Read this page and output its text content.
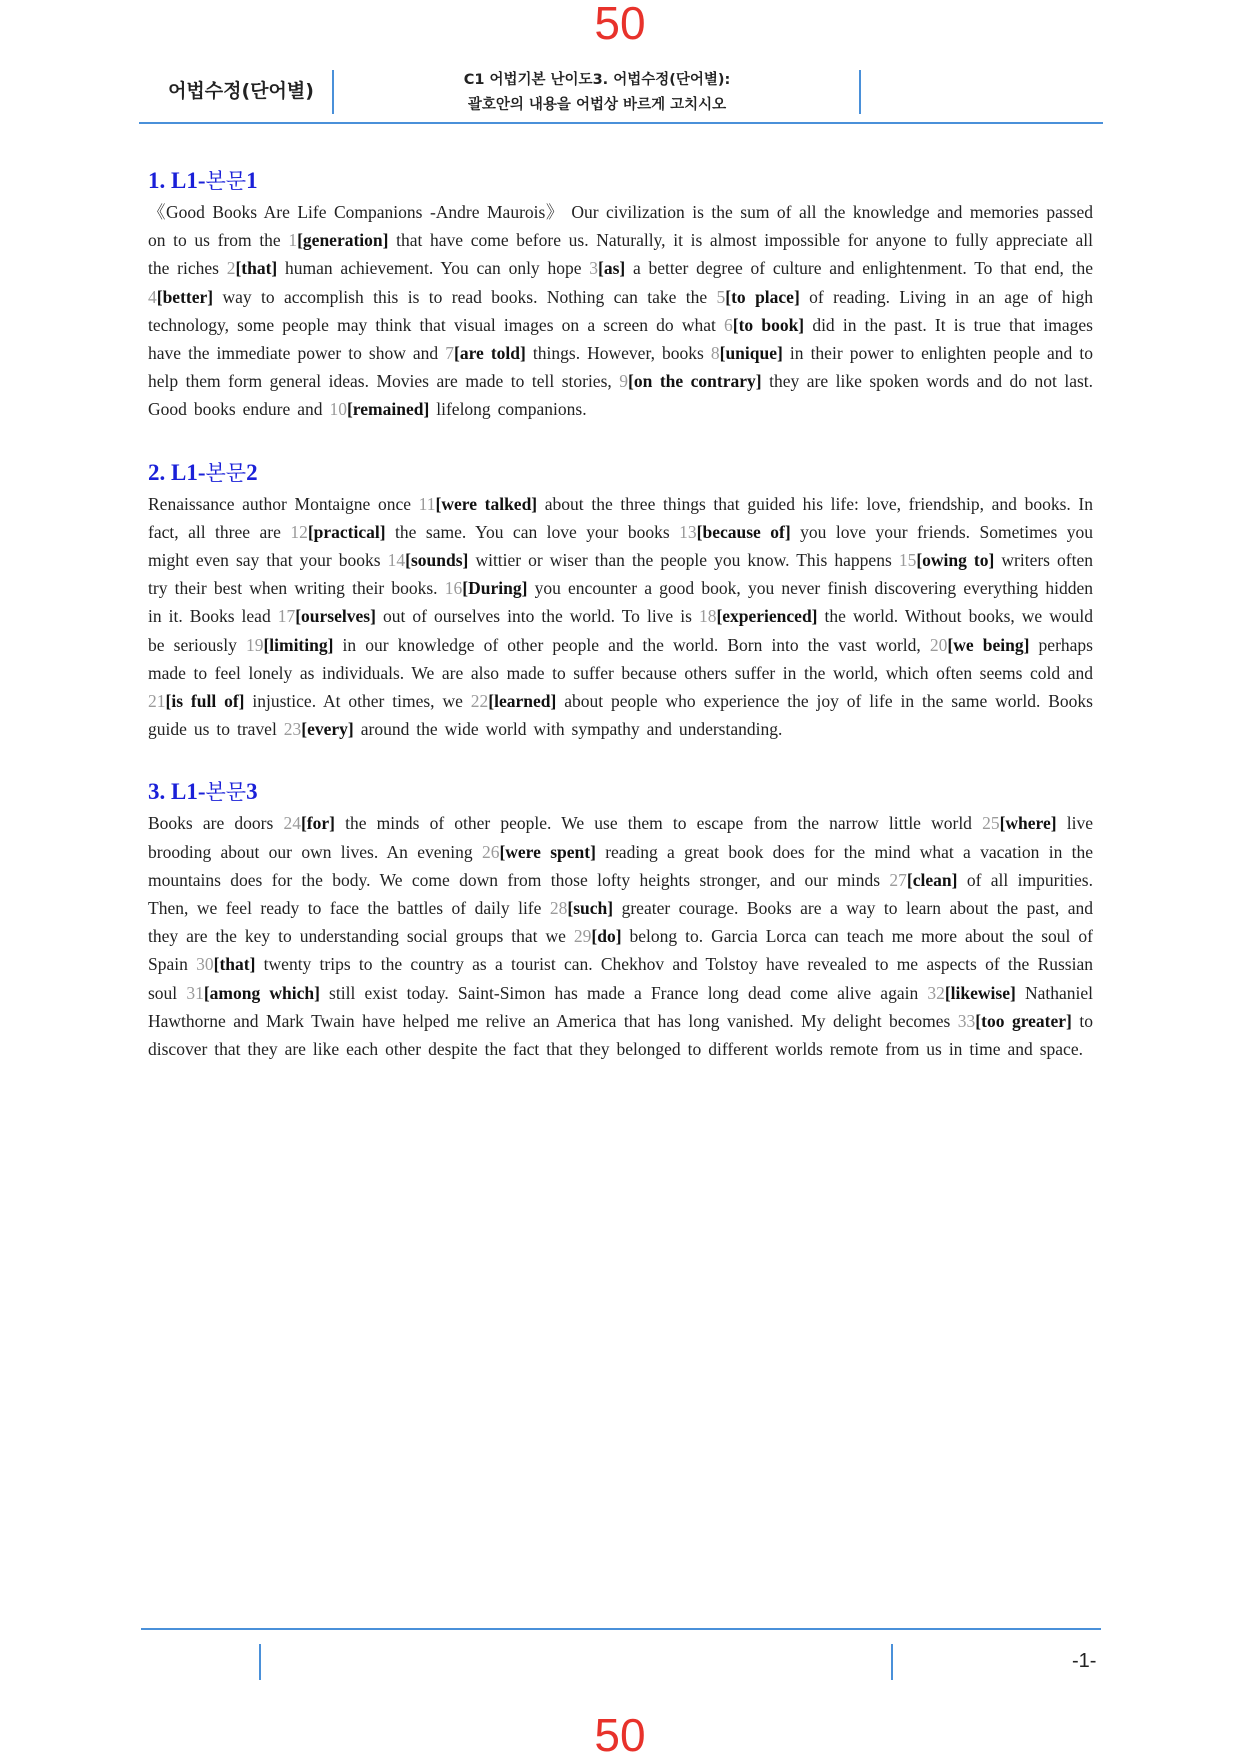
50
어법수정(단어별)	C1 어법기본 난이도3. 어법수정(단어별):
괄호안의 내용을 어법상 바르게 고치시오
1. L1-본문1

《Good Books Are Life Companions -Andre Maurois》 Our civilization is the sum of all the knowledge and memories passed on to us from the 1[generation] that have come before us. Naturally, it is almost impossible for anyone to fully appreciate all the riches 2[that] human achievement. You can only hope 3[as] a better degree of culture and enlightenment. To that end, the 4[better] way to accomplish this is to read books. Nothing can take the 5[to place] of reading. Living in an age of high technology, some people may think that visual images on a screen do what 6[to book] did in the past. It is true that images have the immediate power to show and 7[are told] things. However, books 8[unique] in their power to enlighten people and to help them form general ideas. Movies are made to tell stories, 9[on the contrary] they are like spoken words and do not last. Good books endure and 10[remained] lifelong companions.

2. L1-본문2

Renaissance author Montaigne once 11[were talked] about the three things that guided his life: love, friendship, and books. In fact, all three are 12[practical] the same. You can love your books 13[because of] you love your friends. Sometimes you might even say that your books 14[sounds] wittier or wiser than the people you know. This happens 15[owing to] writers often try their best when writing their books. 16[During] you encounter a good book, you never finish discovering everything hidden in it. Books lead 17[ourselves] out of ourselves into the world. To live is 18[experienced] the world. Without books, we would be seriously 19[limiting] in our knowledge of other people and the world. Born into the vast world, 20[we being] perhaps made to feel lonely as individuals. We are also made to suffer because others suffer in the world, which often seems cold and 21[is full of] injustice. At other times, we 22[learned] about people who experience the joy of life in the same world. Books guide us to travel 23[every] around the wide world with sympathy and understanding.

3. L1-본문3

Books are doors 24[for] the minds of other people. We use them to escape from the narrow little world 25[where] live brooding about our own lives. An evening 26[were spent] reading a great book does for the mind what a vacation in the mountains does for the body. We come down from those lofty heights stronger, and our minds 27[clean] of all impurities. Then, we feel ready to face the battles of daily life 28[such] greater courage. Books are a way to learn about the past, and they are the key to understanding social groups that we 29[do] belong to. Garcia Lorca can teach me more about the soul of Spain 30[that] twenty trips to the country as a tourist can. Chekhov and Tolstoy have revealed to me aspects of the Russian soul 31[among which] still exist today. Saint-Simon has made a France long dead come alive again 32[likewise] Nathaniel Hawthorne and Mark Twain have helped me relive an America that has long vanished. My delight becomes 33[too greater] to discover that they are like each other despite the fact that they belonged to different worlds remote from us in time and space.

-1-
50
